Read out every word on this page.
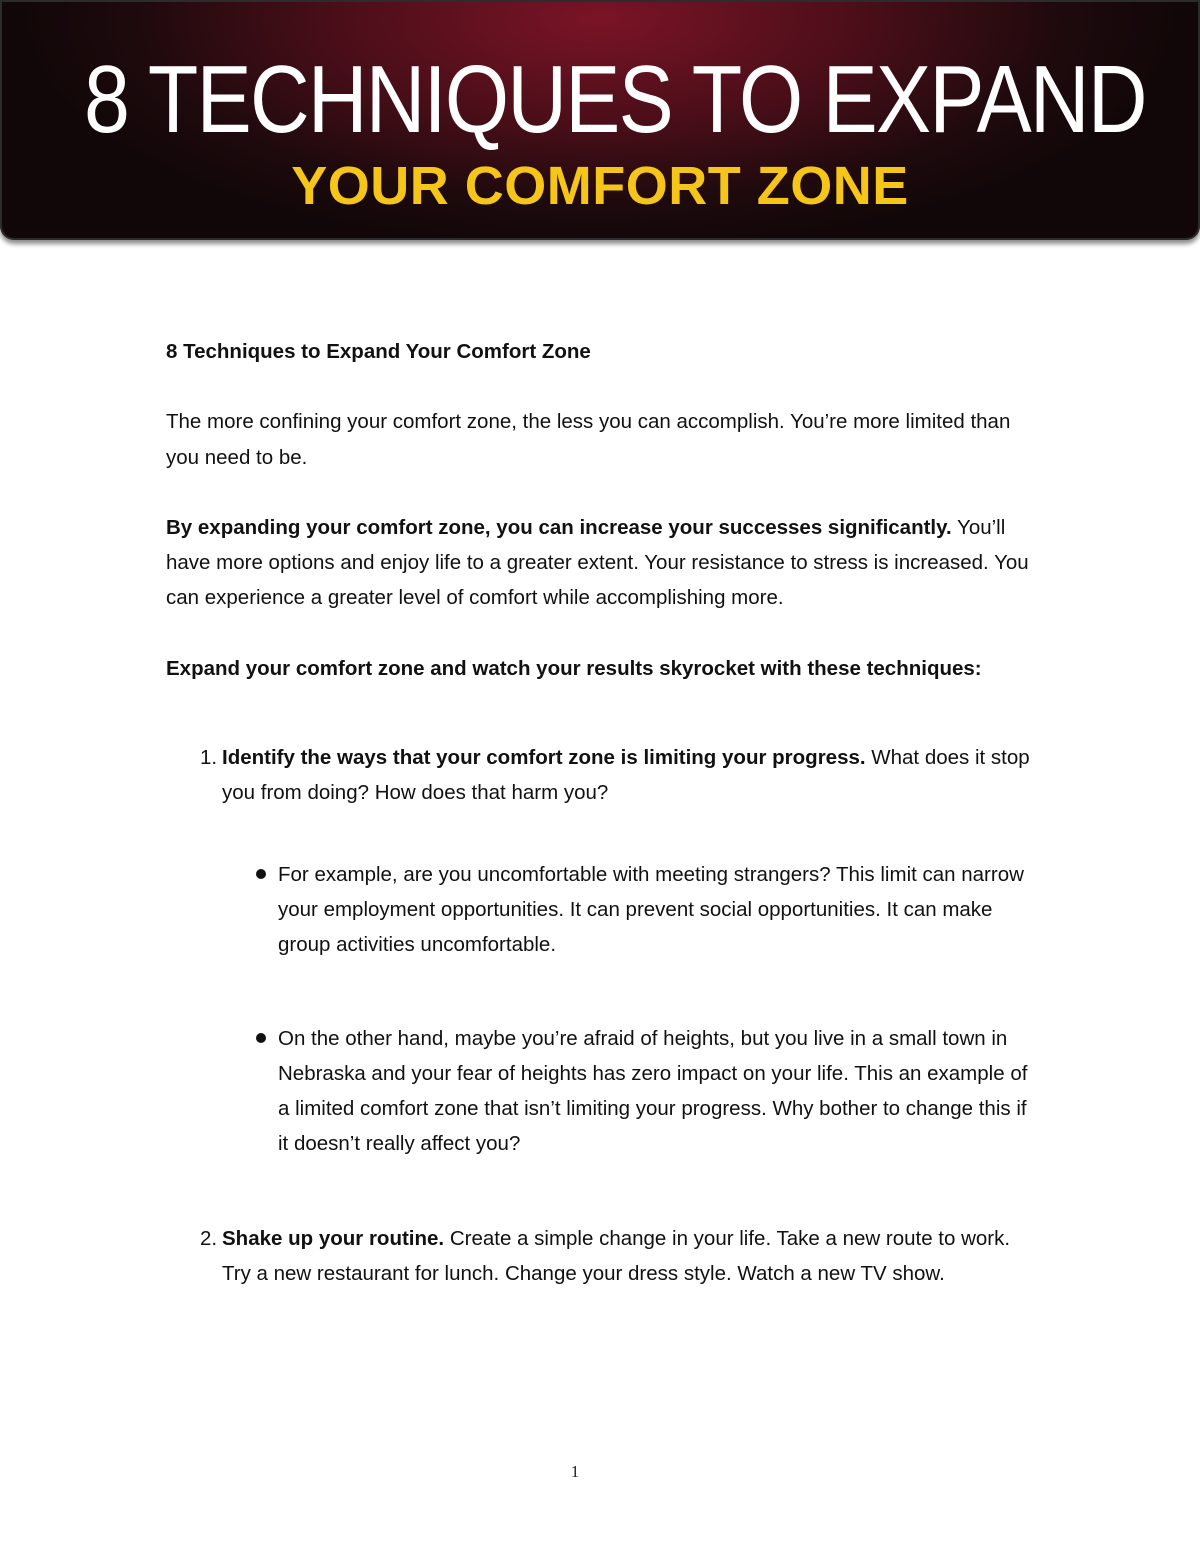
8 TECHNIQUES TO EXPAND
YOUR COMFORT ZONE

8 Techniques to Expand Your Comfort Zone

The more confining your comfort zone, the less you can accomplish. You’re more limited than you need to be.

By expanding your comfort zone, you can increase your successes significantly. You’ll have more options and enjoy life to a greater extent. Your resistance to stress is increased. You can experience a greater level of comfort while accomplishing more.

Expand your comfort zone and watch your results skyrocket with these techniques:

1. Identify the ways that your comfort zone is limiting your progress. What does it stop you from doing? How does that harm you?
For example, are you uncomfortable with meeting strangers? This limit can narrow your employment opportunities. It can prevent social opportunities. It can make group activities uncomfortable.
On the other hand, maybe you’re afraid of heights, but you live in a small town in Nebraska and your fear of heights has zero impact on your life. This an example of a limited comfort zone that isn’t limiting your progress. Why bother to change this if it doesn’t really affect you?
2. Shake up your routine. Create a simple change in your life. Take a new route to work. Try a new restaurant for lunch. Change your dress style. Watch a new TV show.
1
